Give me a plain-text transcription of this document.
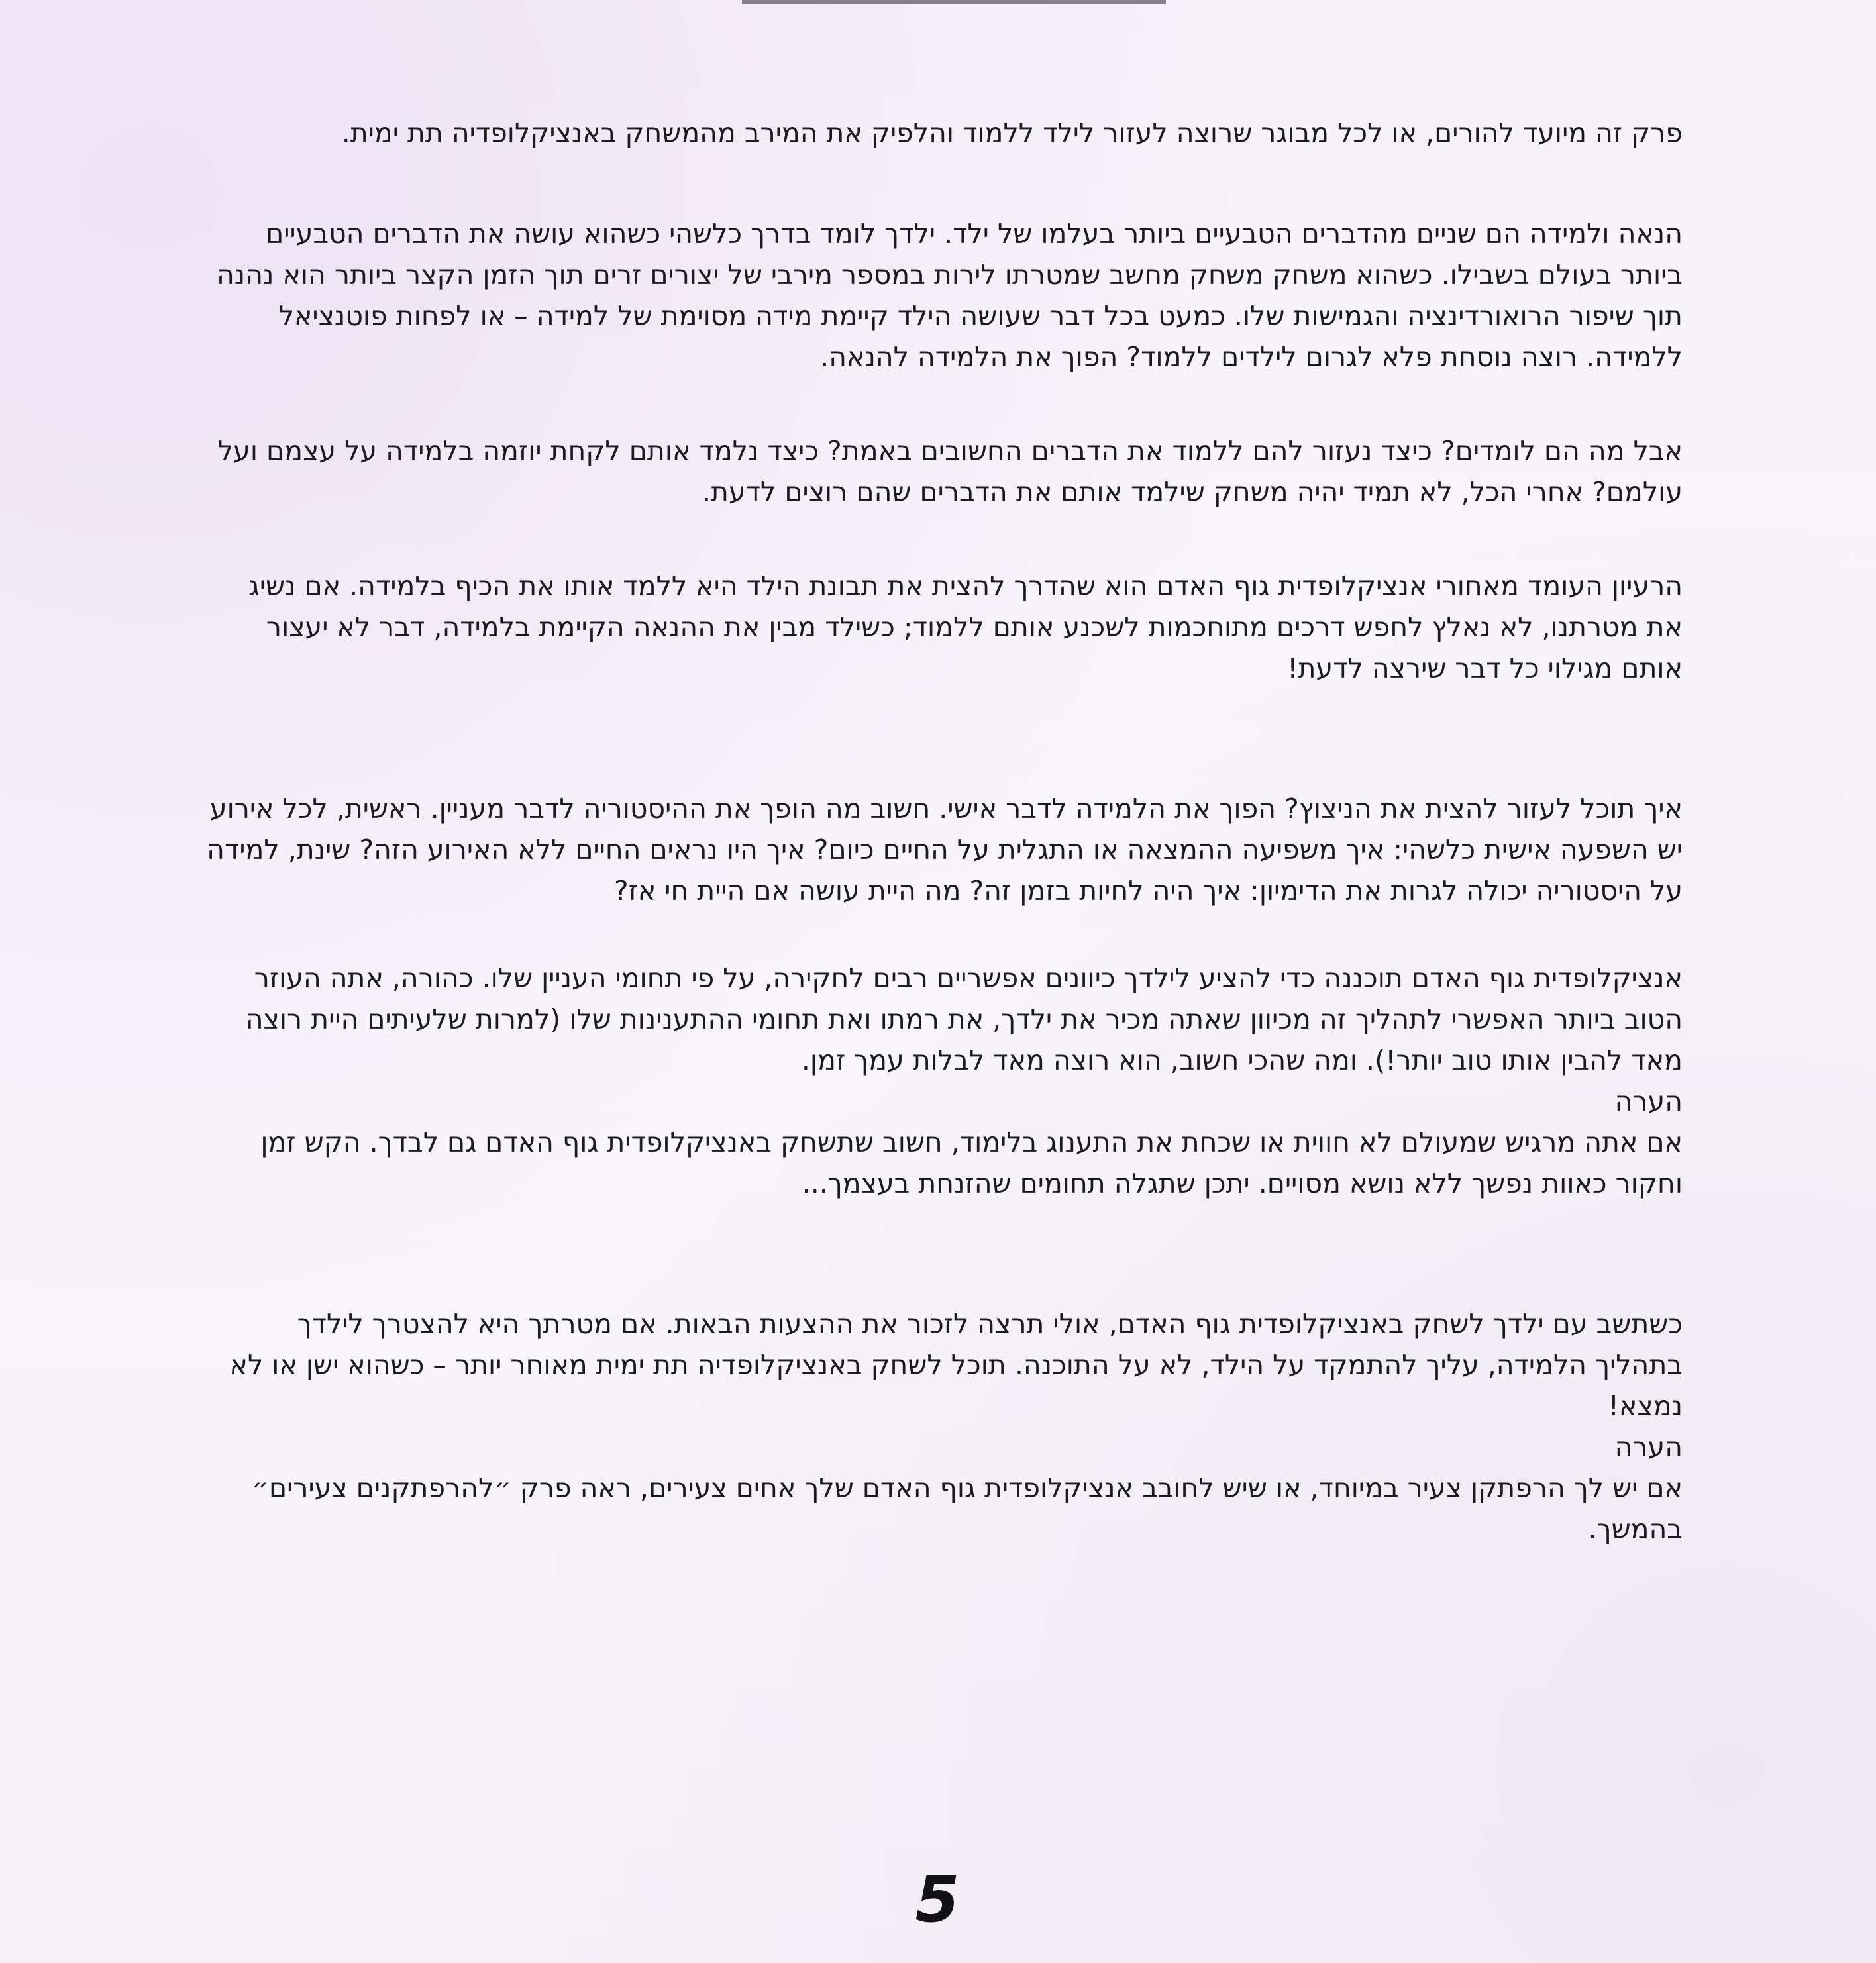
פרק זה מיועד להורים, או לכל מבוגר שרוצה לעזור לילד ללמוד והלפיק את המירב מהמשחק באנציקלופדיה תת ימית.

הנאה ולמידה הם שניים מהדברים הטבעיים ביותר בעלמו של ילד. ילדך לומד בדרך כלשהי כשהוא עושה את הדברים הטבעיים ביותר בעולם בשבילו. כשהוא משחק משחק מחשב שמטרתו לירות במספר מירבי של יצורים זרים תוך הזמן הקצר ביותר הוא נהנה תוך שיפור הרואורדינציה והגמישות שלו. כמעט בכל דבר שעושה הילד קיימת מידה מסוימת של למידה – או לפחות פוטנציאל ללמידה. רוצה נוסחת פלא לגרום לילדים ללמוד? הפוך את הלמידה להנאה.

אבל מה הם לומדים? כיצד נעזור להם ללמוד את הדברים החשובים באמת? כיצד נלמד אותם לקחת יוזמה בלמידה על עצמם ועל עולמם? אחרי הכל, לא תמיד יהיה משחק שילמד אותם את הדברים שהם רוצים לדעת.

הרעיון העומד מאחורי אנציקלופדית גוף האדם הוא שהדרך להצית את תבונת הילד היא ללמד אותו את הכיף בלמידה. אם נשיג את מטרתנו, לא נאלץ לחפש דרכים מתוחכמות לשכנע אותם ללמוד; כשילד מבין את ההנאה הקיימת בלמידה, דבר לא יעצור אותם מגילוי כל דבר שירצה לדעת!

איך תוכל לעזור להצית את הניצוץ? הפוך את הלמידה לדבר אישי. חשוב מה הופך את ההיסטוריה לדבר מעניין. ראשית, לכל אירוע יש השפעה אישית כלשהי: איך משפיעה ההמצאה או התגלית על החיים כיום? איך היו נראים החיים ללא האירוע הזה? שינת, למידה על היסטוריה יכולה לגרות את הדימיון: איך היה לחיות בזמן זה? מה היית עושה אם היית חי אז?

אנציקלופדית גוף האדם תוכננה כדי להציע לילדך כיוונים אפשריים רבים לחקירה, על פי תחומי העניין שלו. כהורה, אתה העוזר הטוב ביותר האפשרי לתהליך זה מכיוון שאתה מכיר את ילדך, את רמתו ואת תחומי ההתענינות שלו (למרות שלעיתים היית רוצה מאד להבין אותו טוב יותר!). ומה שהכי חשוב, הוא רוצה מאד לבלות עמך זמן.

הערה

אם אתה מרגיש שמעולם לא חווית או שכחת את התענוג בלימוד, חשוב שתשחק באנציקלופדית גוף האדם גם לבדך. הקש זמן וחקור כאוות נפשך ללא נושא מסויים. יתכן שתגלה תחומים שהזנחת בעצמך...

כשתשב עם ילדך לשחק באנציקלופדית גוף האדם, אולי תרצה לזכור את ההצעות הבאות. אם מטרתך היא להצטרך לילדך בתהליך הלמידה, עליך להתמקד על הילד, לא על התוכנה. תוכל לשחק באנציקלופדיה תת ימית מאוחר יותר – כשהוא ישן או לא נמצא!

הערה

אם יש לך הרפתקן צעיר במיוחד, או שיש לחובב אנציקלופדית גוף האדם שלך אחים צעירים, ראה פרק ״להרפתקנים צעירים״ בהמשך.

5
